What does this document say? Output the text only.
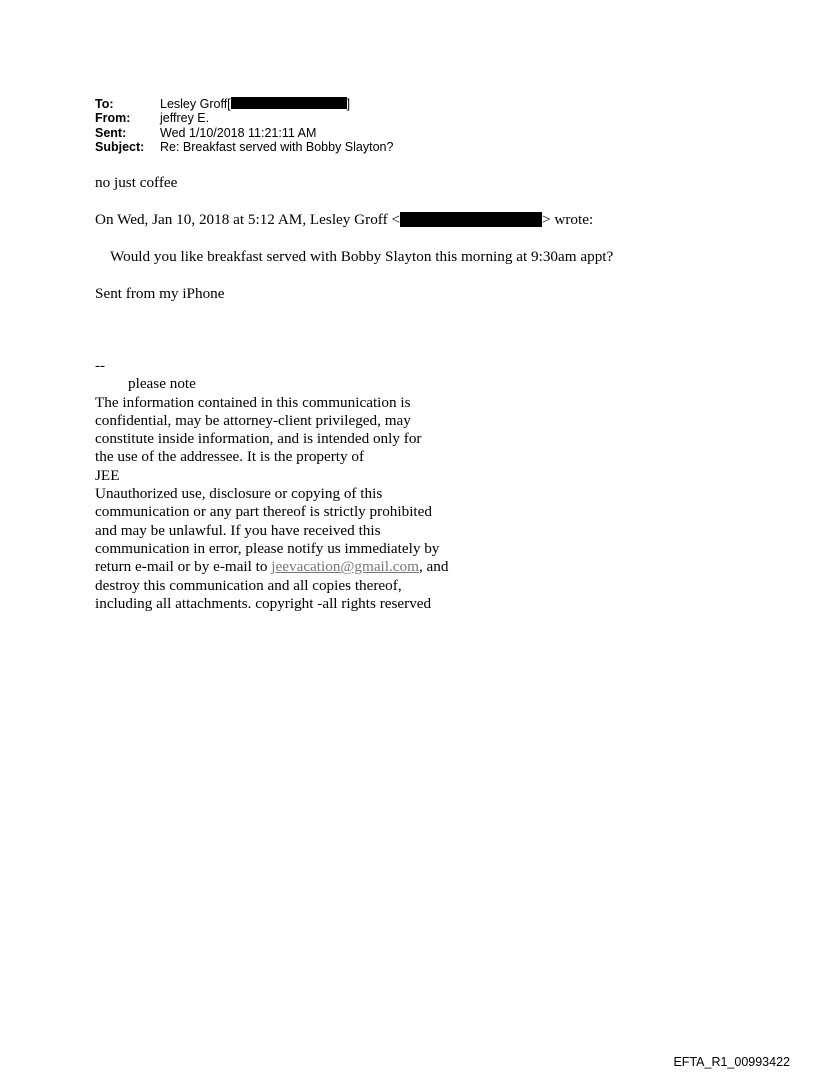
To:	Lesley Groff[	]
From:	jeffrey E.
Sent:	Wed 1/10/2018 11:21:11 AM
Subject:	Re: Breakfast served with Bobby Slayton?
no just coffee
On Wed, Jan 10, 2018 at 5:12 AM, Lesley Groff <	> wrote:
Would you like breakfast served with Bobby Slayton this morning at 9:30am appt?
Sent from my iPhone
--
please note
The information contained in this communication is
confidential, may be attorney-client privileged, may
constitute inside information, and is intended only for
the use of the addressee. It is the property of
JEE
Unauthorized use, disclosure or copying of this
communication or any part thereof is strictly prohibited
and may be unlawful. If you have received this
communication in error, please notify us immediately by
return e-mail or by e-mail to jeevacation@gmail.com, and
destroy this communication and all copies thereof,
including all attachments. copyright -all rights reserved
EFTA_R1_00993422
